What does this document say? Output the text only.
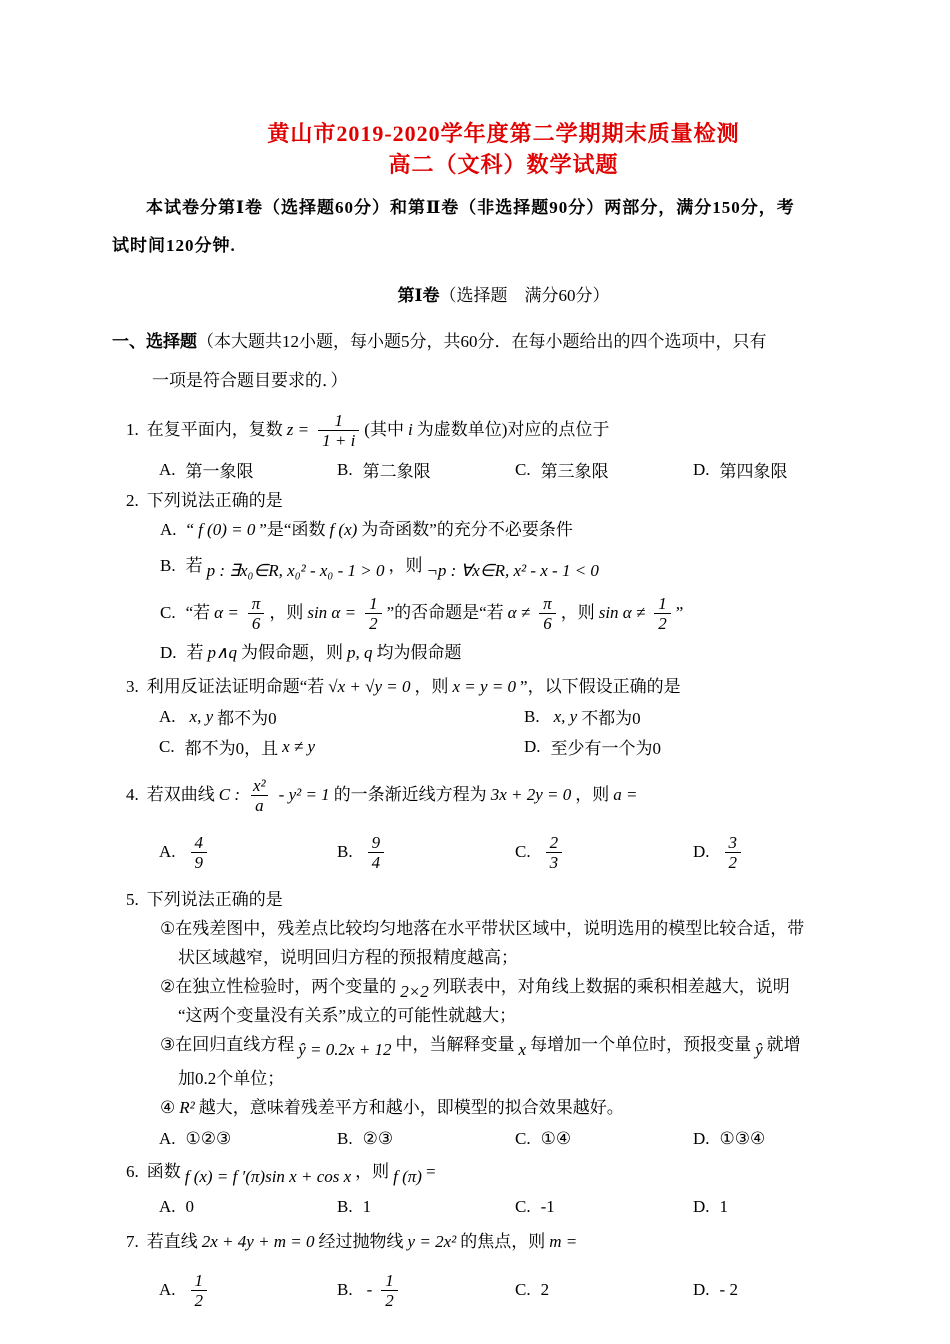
黄山市2019-2020学年度第二学期期末质量检测
高二（文科）数学试题
本试卷分第Ⅰ卷（选择题60分）和第Ⅱ卷（非选择题90分）两部分，满分150分，考
试时间120分钟.
第Ⅰ卷（选择题　满分60分）
一、选择题（本大题共12小题，每小题5分，共60分．在每小题给出的四个选项中，只有
一项是符合题目要求的．）
1. 在复平面内，复数 $z = \frac{1}{1 + i}$ (其中 i 为虚数单位)对应的点位于
A. 第一象限	B. 第二象限	C. 第三象限	D. 第四象限
2. 下列说法正确的是
A. “ f (0) = 0 ”是“函数 f (x) 为奇函数”的充分不必要条件
B. 若 p : ∃x₀∈R, x₀² - x₀ - 1 > 0 ，则 ¬p : ∀x∈R, x² - x - 1 < 0
C. “若 $\alpha = \frac{\pi}{6}$ ，则 $\sin \alpha = \frac{1}{2}$ ”的否命题是“若 $\alpha \ne \frac{\pi}{6}$ ，则 $\sin \alpha \ne \frac{1}{2}$ ”
D. 若 p∧q 为假命题，则 p, q 均为假命题
3. 利用反证法证明命题“若 √x + √y = 0 ，则 x = y = 0 ”，以下假设正确的是
A. x, y 都不为0	B. x, y 不都为0
C. 都不为0，且 x ≠ y	D. 至少有一个为0
4. 若双曲线 C : $\frac{\text{x²}}{a} - y^2 = 1$ 的一条渐近线方程为 3x + 2y = 0 ，则 a =
A. $\frac{4}{9}$	B. $\frac{9}{4}$	C. $\frac{2}{3}$	D. $\frac{3}{2}$
5. 下列说法正确的是
① 在残差图中，残差点比较均匀地落在水平带状区域中，说明选用的模型比较合适，带
状区域越窄，说明回归方程的预报精度越高；
② 在独立性检验时，两个变量的 2×2 列联表中，对角线上数据的乘积相差越大，说明
“这两个变量没有关系”成立的可能性就越大；
③ 在回归直线方程 ŷ = 0.2x + 12 中，当解释变量 x 每增加一个单位时，预报变量 ŷ 就增
加0.2个单位；
④ R² 越大，意味着残差平方和越小，即模型的拟合效果越好。
A. ①②③	B. ②③	C. ①④	D. ①③④
6. 函数 f (x) = f ′(π)sin x + cos x ，则 f (π) =
A. 0	B. 1	C. -1	D. 1
7. 若直线 2x + 4y + m = 0 经过抛物线 y = 2x² 的焦点，则 m =
A. $\frac{1}{2}$	B. - $\frac{1}{2}$	C. 2	D. - 2
